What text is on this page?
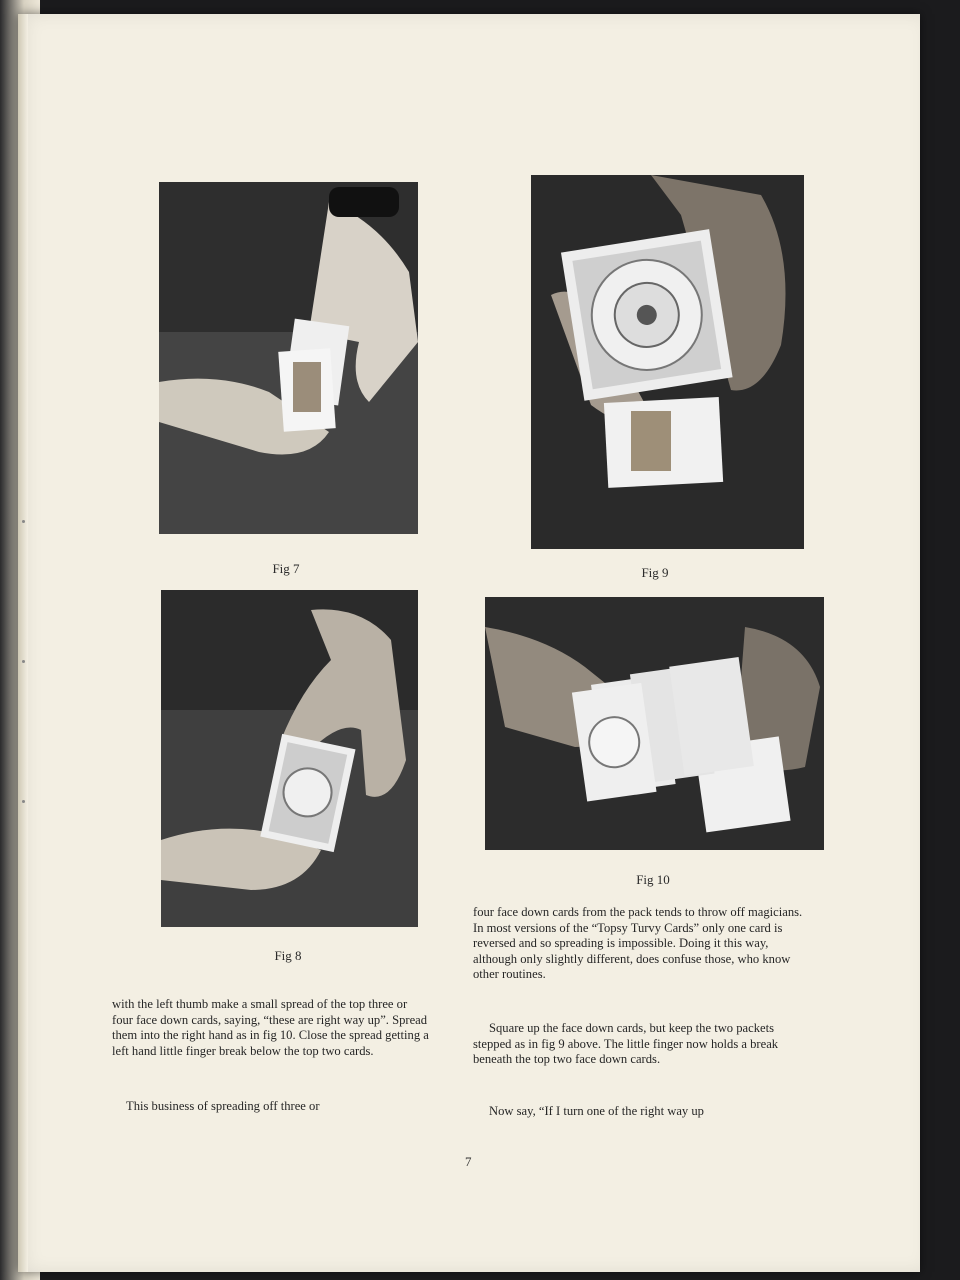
Fig 7	Fig 9
Fig 8
Fig 10

with the left thumb make a small spread of the top three or four face down cards, saying, “these are right way up”. Spread them into the right hand as in fig 10. Close the spread getting a left hand little finger break below the top two cards.

This business of spreading off three or

four face down cards from the pack tends to throw off magicians. In most versions of the “Topsy Turvy Cards” only one card is reversed and so spreading is impossible. Doing it this way, although only slightly different, does confuse those, who know other routines.

Square up the face down cards, but keep the two packets stepped as in fig 9 above. The little finger now holds a break beneath the top two face down cards.

Now say, “If I turn one of the right way up

7
